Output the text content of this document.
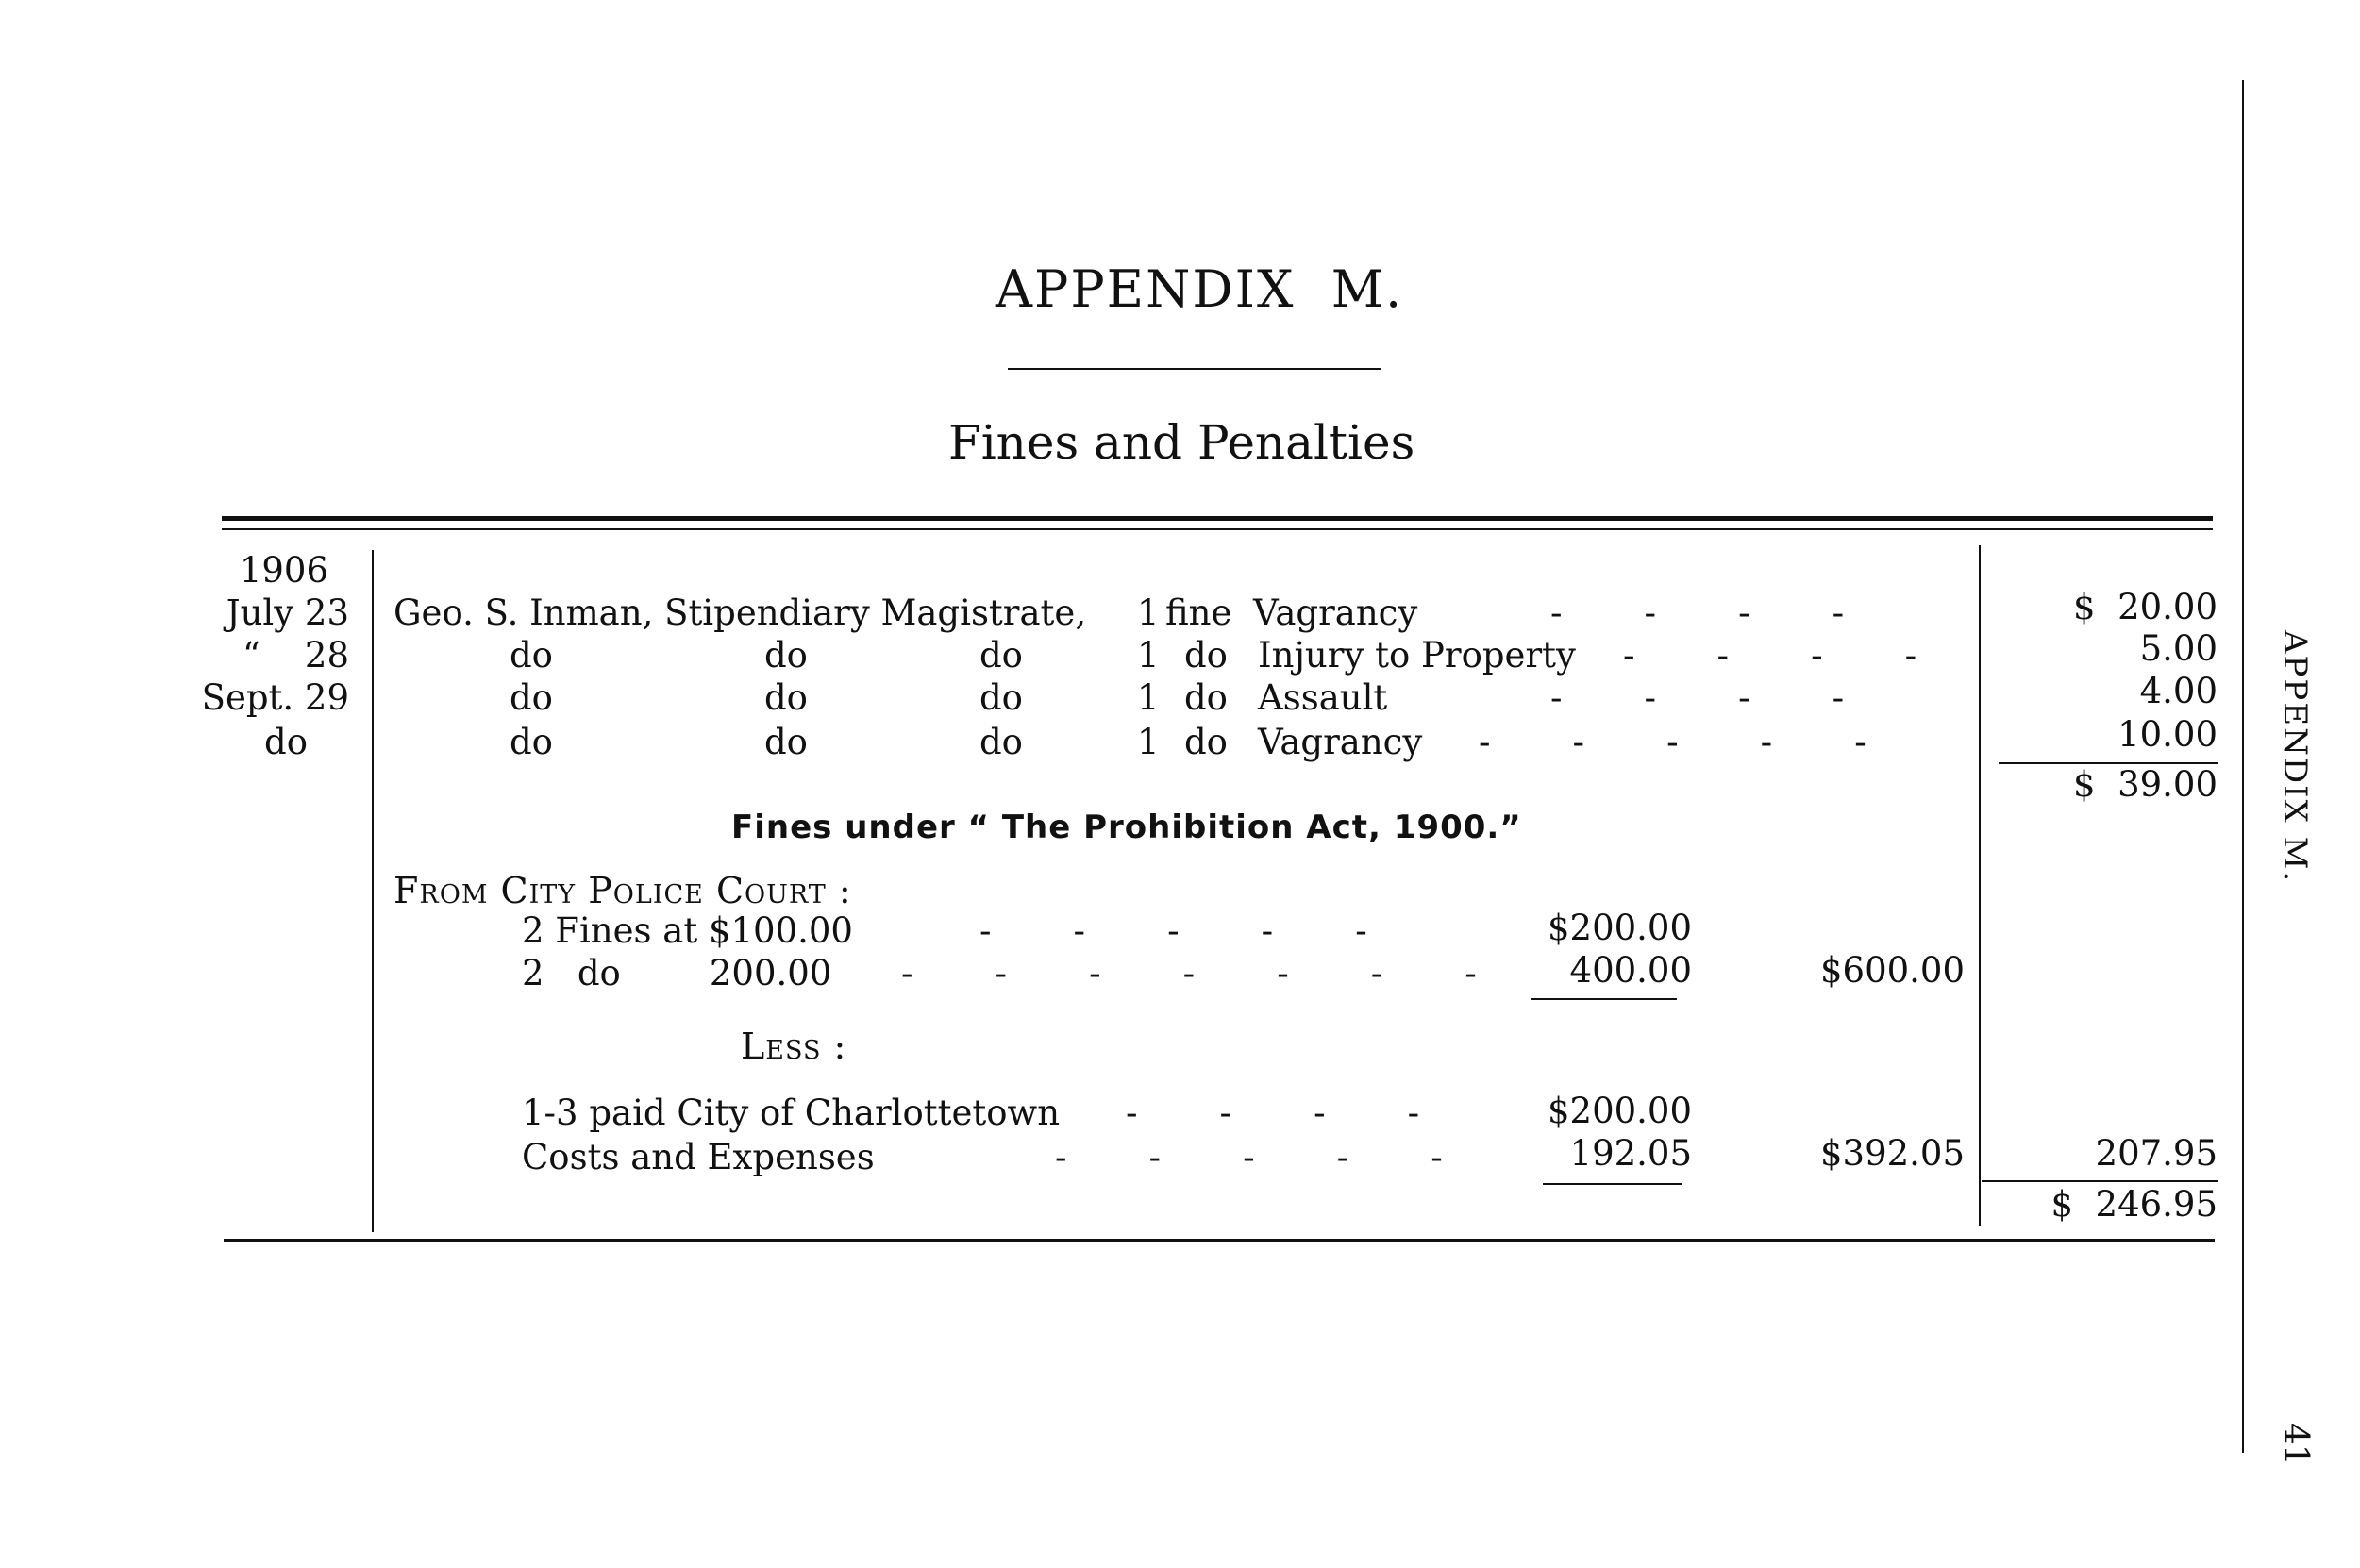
APPENDIX  M.
Fines and Penalties
APPENDIX M.
41
1906
July 23 Geo. S. Inman, Stipendiary Magistrate, 1 fine Vagrancy	-    -    -    -	$  20.00
“    28	do	do	do	1 do Injury to Property -    -    -    -	5.00
Sept. 29	do	do	do	1 do Assault	-    -    -    -	4.00
do	do	do	do	1 do Vagrancy -    -    -    -    -	10.00
$  39.00
Fines under “ The Prohibition Act, 1900.”
From City Police Court :
2 Fines at $100.00	-    -    -    -    -	$200.00
2   do        200.00 -    -    -    -    -    -    -	400.00	$600.00
Less :
1-3 paid City of Charlottetown -    -    -    -	$200.00
Costs and Expenses	-    -    -    -    -	192.05	$392.05	207.95
$  246.95
